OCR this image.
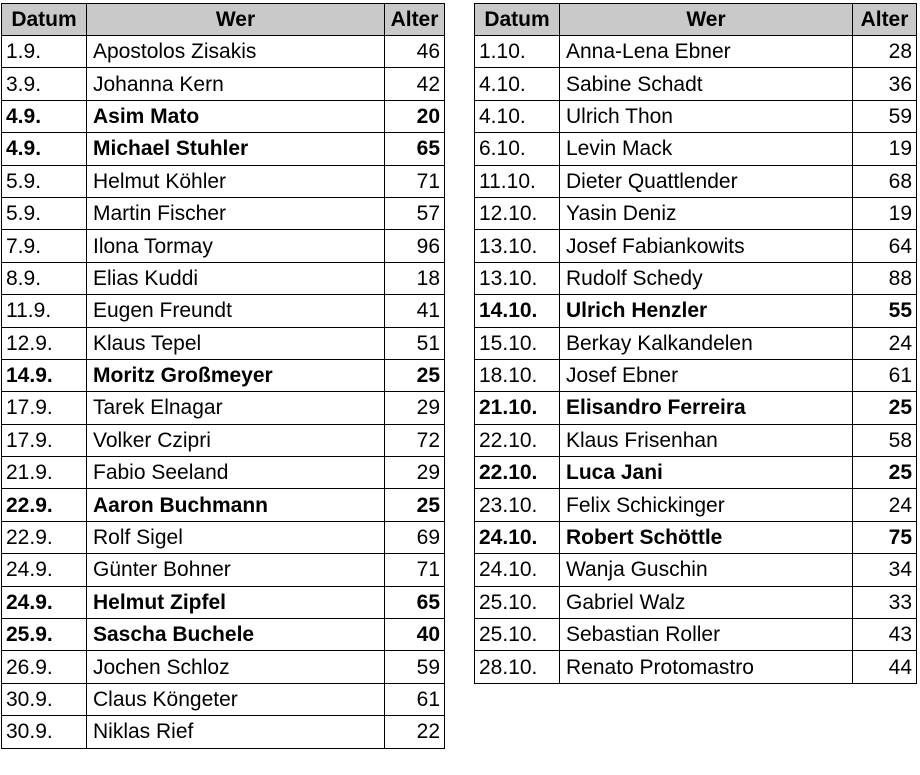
Datum	Wer	Alter
1.9.	Apostolos Zisakis	46
3.9.	Johanna Kern	42
4.9.	Asim Mato	20
4.9.	Michael Stuhler	65
5.9.	Helmut Köhler	71
5.9.	Martin Fischer	57
7.9.	Ilona Tormay	96
8.9.	Elias Kuddi	18
11.9.	Eugen Freundt	41
12.9.	Klaus Tepel	51
14.9.	Moritz Großmeyer	25
17.9.	Tarek Elnagar	29
17.9.	Volker Czipri	72
21.9.	Fabio Seeland	29
22.9.	Aaron Buchmann	25
22.9.	Rolf Sigel	69
24.9.	Günter Bohner	71
24.9.	Helmut Zipfel	65
25.9.	Sascha Buchele	40
26.9.	Jochen Schloz	59
30.9.	Claus Köngeter	61
30.9.	Niklas Rief	22
Datum	Wer	Alter
1.10.	Anna-Lena Ebner	28
4.10.	Sabine Schadt	36
4.10.	Ulrich Thon	59
6.10.	Levin Mack	19
11.10.	Dieter Quattlender	68
12.10.	Yasin Deniz	19
13.10.	Josef Fabiankowits	64
13.10.	Rudolf Schedy	88
14.10.	Ulrich Henzler	55
15.10.	Berkay Kalkandelen	24
18.10.	Josef Ebner	61
21.10.	Elisandro Ferreira	25
22.10.	Klaus Frisenhan	58
22.10.	Luca Jani	25
23.10.	Felix Schickinger	24
24.10.	Robert Schöttle	75
24.10.	Wanja Guschin	34
25.10.	Gabriel Walz	33
25.10.	Sebastian Roller	43
28.10.	Renato Protomastro	44
